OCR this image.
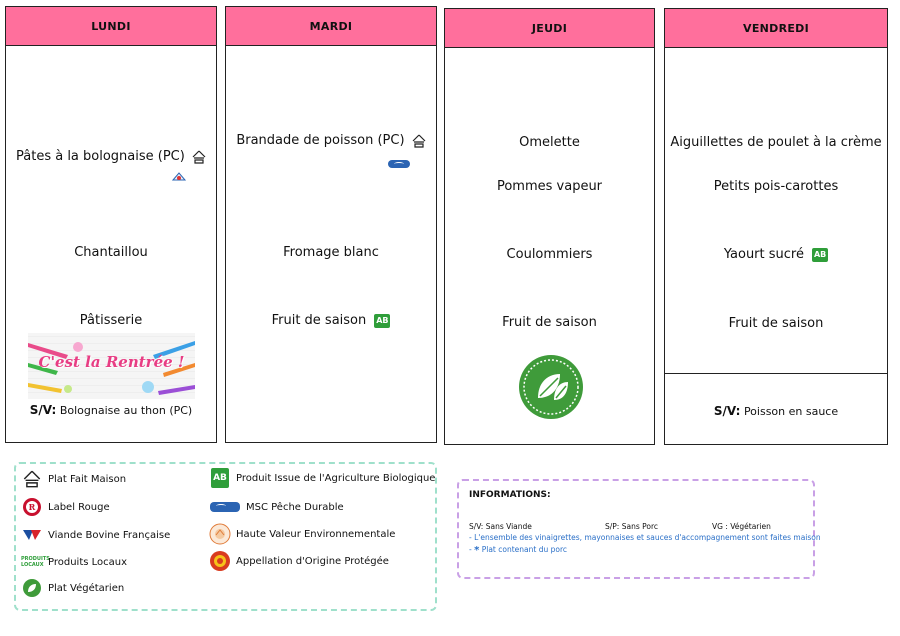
LUNDI
Pâtes à la bolognaise (PC)
Chantaillou
Pâtisserie
C'est la Rentrée !
S/V: Bolognaise au thon (PC)
MARDI
Brandade de poisson (PC)
Fromage blanc
Fruit de saison AB
JEUDI
Omelette
Pommes vapeur
Coulommiers
Fruit de saison
VENDREDI
Aiguillettes de poulet à la crème
Petits pois-carottes
Yaourt sucré AB
Fruit de saison
S/V: Poisson en sauce
Plat Fait Maison
R Label Rouge
Viande Bovine Française
PRODUITS LOCAUX Produits Locaux
Plat Végétarien
AB Produit Issue de l'Agriculture Biologique
MSC Pêche Durable
Haute Valeur Environnementale
Appellation d'Origine Protégée
INFORMATIONS:
S/V: Sans Viande	S/P: Sans Porc	VG : Végétarien
- L'ensemble des vinaigrettes, mayonnaises et sauces d'accompagnement sont faites maison
- * Plat contenant du porc
